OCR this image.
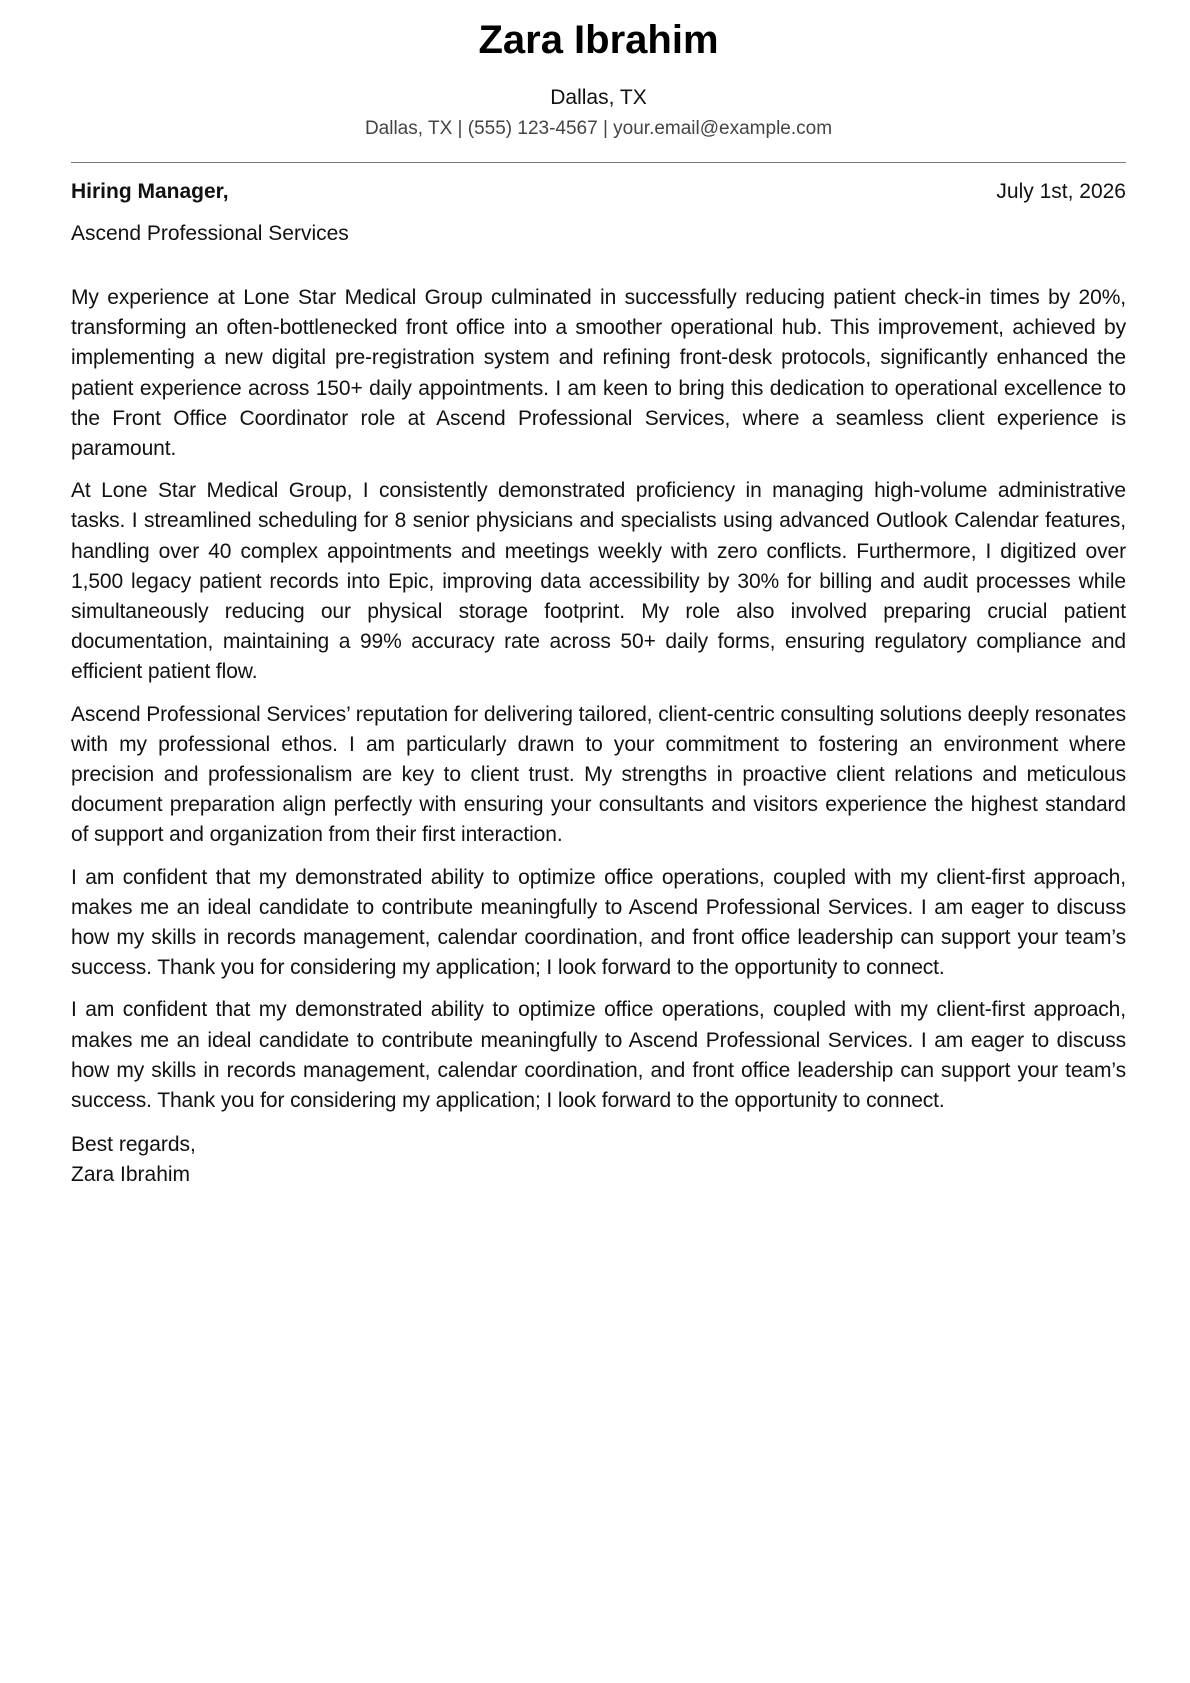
Zara Ibrahim
Dallas, TX
Dallas, TX | (555) 123-4567 | your.email@example.com
Hiring Manager,	July 1st, 2026
Ascend Professional Services

My experience at Lone Star Medical Group culminated in successfully reducing patient check-in times by 20%, transforming an often-bottlenecked front office into a smoother operational hub. This improvement, achieved by implementing a new digital pre-registration system and refining front-desk protocols, significantly enhanced the patient experience across 150+ daily appointments. I am keen to bring this dedication to operational excellence to the Front Office Coordinator role at Ascend Professional Services, where a seamless client experience is paramount.

At Lone Star Medical Group, I consistently demonstrated proficiency in managing high-volume administrative tasks. I streamlined scheduling for 8 senior physicians and specialists using advanced Outlook Calendar features, handling over 40 complex appointments and meetings weekly with zero conflicts. Furthermore, I digitized over 1,500 legacy patient records into Epic, improving data accessibility by 30% for billing and audit processes while simultaneously reducing our physical storage footprint. My role also involved preparing crucial patient documentation, maintaining a 99% accuracy rate across 50+ daily forms, ensuring regulatory compliance and efficient patient flow.

Ascend Professional Services’ reputation for delivering tailored, client-centric consulting solutions deeply resonates with my professional ethos. I am particularly drawn to your commitment to fostering an environment where precision and professionalism are key to client trust. My strengths in proactive client relations and meticulous document preparation align perfectly with ensuring your consultants and visitors experience the highest standard of support and organization from their first interaction.

I am confident that my demonstrated ability to optimize office operations, coupled with my client-first approach, makes me an ideal candidate to contribute meaningfully to Ascend Professional Services. I am eager to discuss how my skills in records management, calendar coordination, and front office leadership can support your team’s success. Thank you for considering my application; I look forward to the opportunity to connect.

I am confident that my demonstrated ability to optimize office operations, coupled with my client-first approach, makes me an ideal candidate to contribute meaningfully to Ascend Professional Services. I am eager to discuss how my skills in records management, calendar coordination, and front office leadership can support your team’s success. Thank you for considering my application; I look forward to the opportunity to connect.

Best regards,
Zara Ibrahim
